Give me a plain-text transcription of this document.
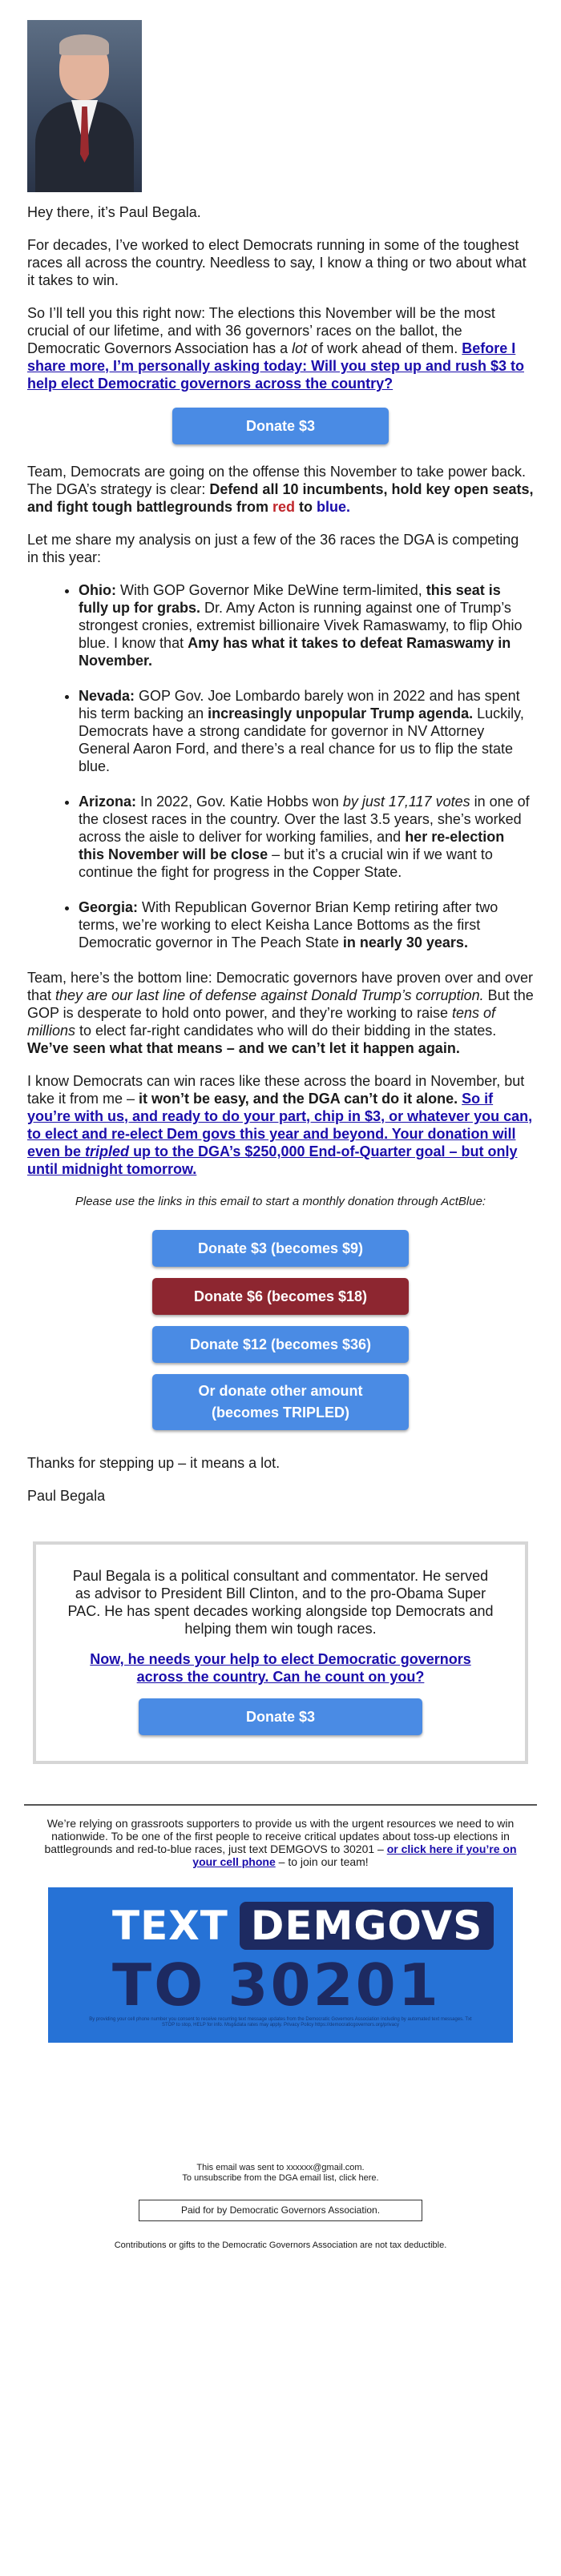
Hey there, it’s Paul Begala.

For decades, I’ve worked to elect Democrats running in some of the toughest races all across the country. Needless to say, I know a thing or two about what it takes to win.

So I’ll tell you this right now: The elections this November will be the most crucial of our lifetime, and with 36 governors’ races on the ballot, the Democratic Governors Association has a lot of work ahead of them. Before I share more, I’m personally asking today: Will you step up and rush $3 to help elect Democratic governors across the country?

Donate $3

Team, Democrats are going on the offense this November to take power back. The DGA’s strategy is clear: Defend all 10 incumbents, hold key open seats, and fight tough battlegrounds from red to blue.

Let me share my analysis on just a few of the 36 races the DGA is competing in this year:

• Ohio: With GOP Governor Mike DeWine term-limited, this seat is fully up for grabs. Dr. Amy Acton is running against one of Trump’s strongest cronies, extremist billionaire Vivek Ramaswamy, to flip Ohio blue. I know that Amy has what it takes to defeat Ramaswamy in November.
• Nevada: GOP Gov. Joe Lombardo barely won in 2022 and has spent his term backing an increasingly unpopular Trump agenda. Luckily, Democrats have a strong candidate for governor in NV Attorney General Aaron Ford, and there’s a real chance for us to flip the state blue.
• Arizona: In 2022, Gov. Katie Hobbs won by just 17,117 votes in one of the closest races in the country. Over the last 3.5 years, she’s worked across the aisle to deliver for working families, and her re-election this November will be close – but it’s a crucial win if we want to continue the fight for progress in the Copper State.
• Georgia: With Republican Governor Brian Kemp retiring after two terms, we’re working to elect Keisha Lance Bottoms as the first Democratic governor in The Peach State in nearly 30 years.

Team, here’s the bottom line: Democratic governors have proven over and over that they are our last line of defense against Donald Trump’s corruption. But the GOP is desperate to hold onto power, and they’re working to raise tens of millions to elect far-right candidates who will do their bidding in the states. We’ve seen what that means – and we can’t let it happen again.

I know Democrats can win races like these across the board in November, but take it from me – it won’t be easy, and the DGA can’t do it alone. So if you’re with us, and ready to do your part, chip in $3, or whatever you can, to elect and re-elect Dem govs this year and beyond. Your donation will even be tripled up to the DGA’s $250,000 End-of-Quarter goal – but only until midnight tomorrow.

Please use the links in this email to start a monthly donation through ActBlue:
Donate $3 (becomes $9)
Donate $6 (becomes $18)
Donate $12 (becomes $36)
Or donate other amount (becomes TRIPLED)

Thanks for stepping up – it means a lot.

Paul Begala

Paul Begala is a political consultant and commentator. He served as advisor to President Bill Clinton, and to the pro-Obama Super PAC. He has spent decades working alongside top Democrats and helping them win tough races.

Now, he needs your help to elect Democratic governors across the country. Can he count on you?

Donate $3
We’re relying on grassroots supporters to provide us with the urgent resources we need to win nationwide. To be one of the first people to receive critical updates about toss-up elections in battlegrounds and red-to-blue races, just text DEMGOVS to 30201 – or click here if you’re on your cell phone – to join our team!
TEXT DEMGOVS
TO 30201
By providing your cell phone number you consent to receive recurring text message updates from the Democratic Governors Association including by automated text messages. Txt STOP to stop, HELP for info. Msg&data rates may apply. Privacy Policy https://democraticgovernors.org/privacy
This email was sent to xxxxxx@gmail.com.
To unsubscribe from the DGA email list, click here.
Paid for by Democratic Governors Association.
Contributions or gifts to the Democratic Governors Association are not tax deductible.
